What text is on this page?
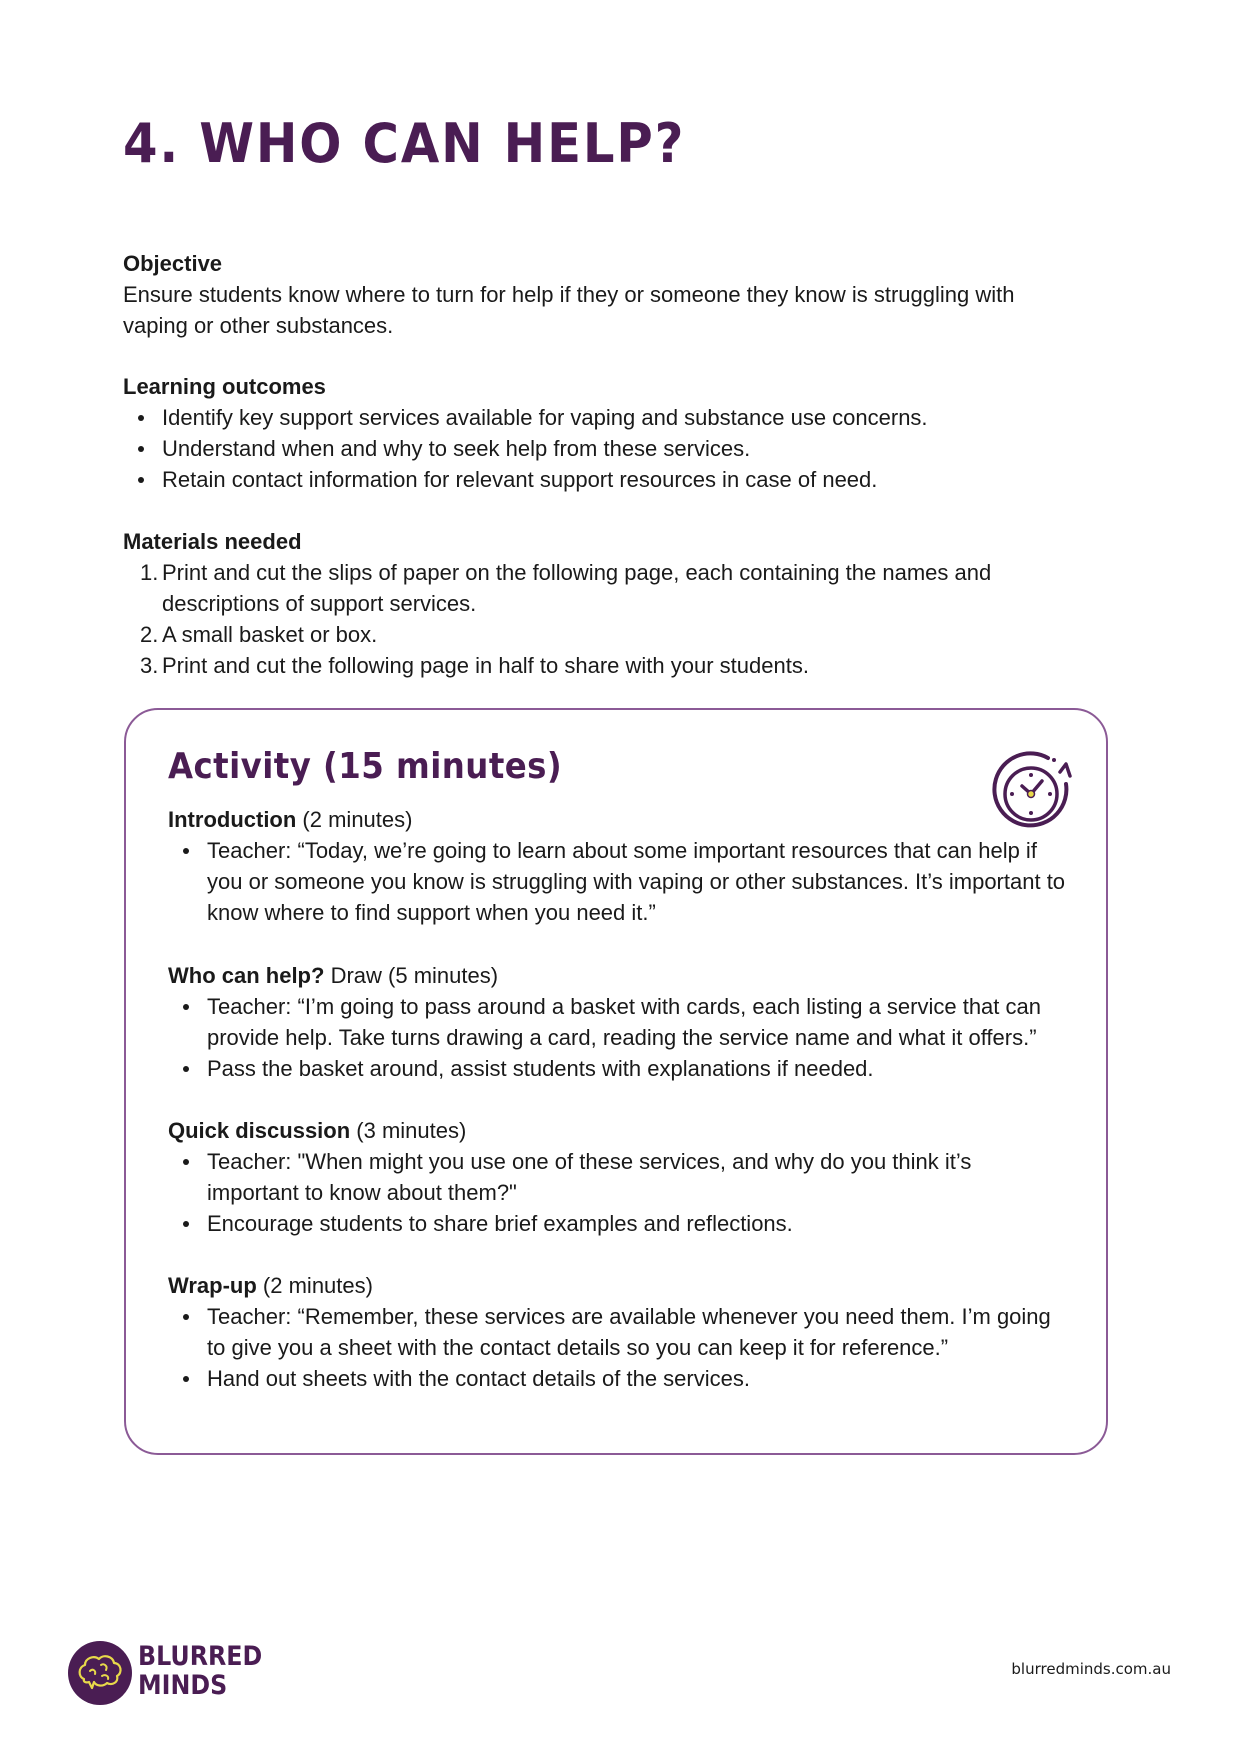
4. WHO CAN HELP?
Objective

Ensure students know where to turn for help if they or someone they know is struggling with vaping or other substances.

Learning outcomes
Identify key support services available for vaping and substance use concerns.
Understand when and why to seek help from these services.
Retain contact information for relevant support resources in case of need.
Materials needed
1. Print and cut the slips of paper on the following page, each containing the names and descriptions of support services.
2. A small basket or box.
3. Print and cut the following page in half to share with your students.
Activity (15 minutes)

Introduction (2 minutes)

Teacher: “Today, we’re going to learn about some important resources that can help if you or someone you know is struggling with vaping or other substances. It’s important to know where to find support when you need it.”

Who can help? Draw (5 minutes)

Teacher: “I’m going to pass around a basket with cards, each listing a service that can provide help. Take turns drawing a card, reading the service name and what it offers.”
Pass the basket around, assist students with explanations if needed.

Quick discussion (3 minutes)

Teacher: "When might you use one of these services, and why do you think it’s important to know about them?"
Encourage students to share brief examples and reflections.

Wrap-up (2 minutes)

Teacher: “Remember, these services are available whenever you need them. I’m going to give you a sheet with the contact details so you can keep it for reference.”
Hand out sheets with the contact details of the services.
BLURRED
MINDS
blurredminds.com.au
